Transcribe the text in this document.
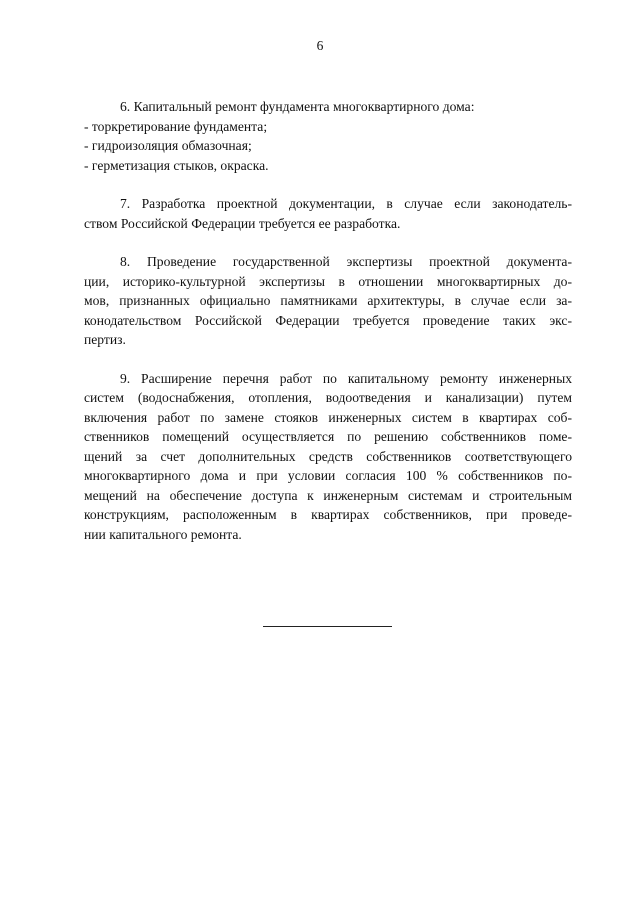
6
6. Капитальный ремонт фундамента многоквартирного дома:
- торкретирование фундамента;
- гидроизоляция обмазочная;
- герметизация стыков, окраска.
7. Разработка проектной документации, в случае если законодатель-
ством Российской Федерации требуется ее разработка.
8. Проведение государственной экспертизы проектной документа-
ции, историко-культурной экспертизы в отношении многоквартирных до-
мов, признанных официально памятниками архитектуры, в случае если за-
конодательством Российской Федерации требуется проведение таких экс-
пертиз.
9. Расширение перечня работ по капитальному ремонту инженерных
систем (водоснабжения, отопления, водоотведения и канализации) путем
включения работ по замене стояков инженерных систем в квартирах соб-
ственников помещений осуществляется по решению собственников поме-
щений за счет дополнительных средств собственников соответствующего
многоквартирного дома и при условии согласия 100 % собственников по-
мещений на обеспечение доступа к инженерным системам и строительным
конструкциям, расположенным в квартирах собственников, при проведе-
нии капитального ремонта.
